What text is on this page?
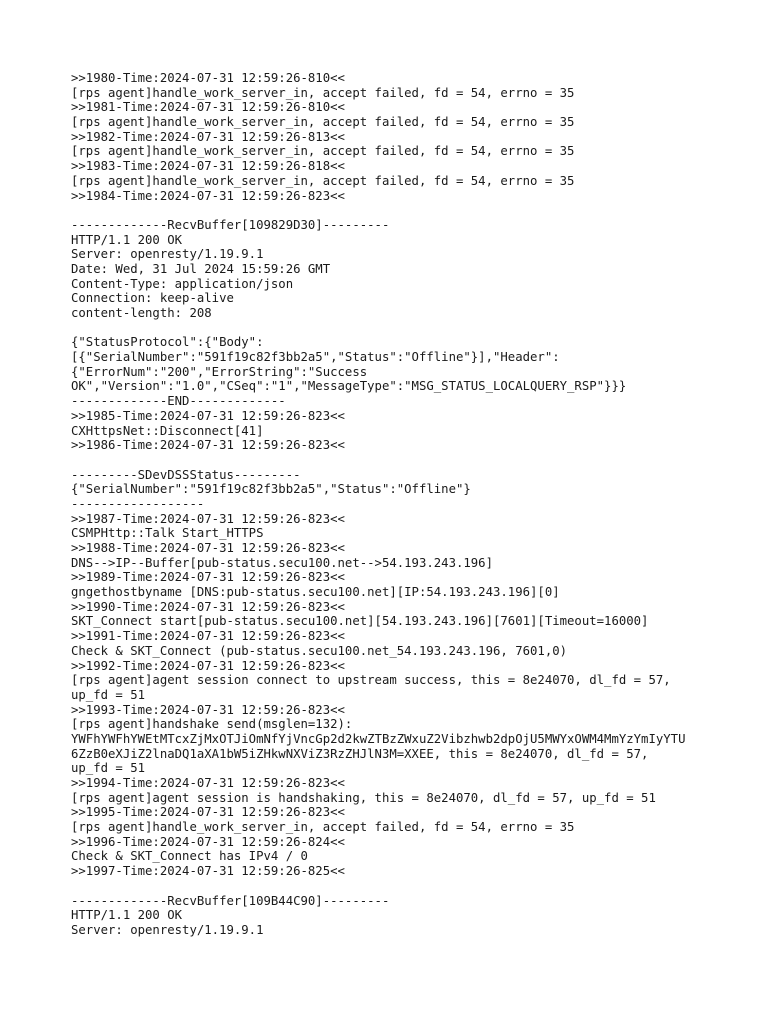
>>1980-Time:2024-07-31 12:59:26-810<<
[rps agent]handle_work_server_in, accept failed, fd = 54, errno = 35
>>1981-Time:2024-07-31 12:59:26-810<<
[rps agent]handle_work_server_in, accept failed, fd = 54, errno = 35
>>1982-Time:2024-07-31 12:59:26-813<<
[rps agent]handle_work_server_in, accept failed, fd = 54, errno = 35
>>1983-Time:2024-07-31 12:59:26-818<<
[rps agent]handle_work_server_in, accept failed, fd = 54, errno = 35
>>1984-Time:2024-07-31 12:59:26-823<<
-------------RecvBuffer[109829D30]---------
HTTP/1.1 200 OK
Server: openresty/1.19.9.1
Date: Wed, 31 Jul 2024 15:59:26 GMT
Content-Type: application/json
Connection: keep-alive
content-length: 208
{"StatusProtocol":{"Body":
[{"SerialNumber":"591f19c82f3bb2a5","Status":"Offline"}],"Header":
{"ErrorNum":"200","ErrorString":"Success
OK","Version":"1.0","CSeq":"1","MessageType":"MSG_STATUS_LOCALQUERY_RSP"}}}
-------------END-------------
>>1985-Time:2024-07-31 12:59:26-823<<
CXHttpsNet::Disconnect[41]
>>1986-Time:2024-07-31 12:59:26-823<<
---------SDevDSSStatus---------
{"SerialNumber":"591f19c82f3bb2a5","Status":"Offline"}
------------------
>>1987-Time:2024-07-31 12:59:26-823<<
CSMPHttp::Talk Start_HTTPS
>>1988-Time:2024-07-31 12:59:26-823<<
DNS-->IP--Buffer[pub-status.secu100.net-->54.193.243.196]
>>1989-Time:2024-07-31 12:59:26-823<<
gngethostbyname [DNS:pub-status.secu100.net][IP:54.193.243.196][0]
>>1990-Time:2024-07-31 12:59:26-823<<
SKT_Connect start[pub-status.secu100.net][54.193.243.196][7601][Timeout=16000]
>>1991-Time:2024-07-31 12:59:26-823<<
Check & SKT_Connect (pub-status.secu100.net_54.193.243.196, 7601,0)
>>1992-Time:2024-07-31 12:59:26-823<<
[rps agent]agent session connect to upstream success, this = 8e24070, dl_fd = 57,
up_fd = 51
>>1993-Time:2024-07-31 12:59:26-823<<
[rps agent]handshake send(msglen=132):
YWFhYWFhYWEtMTcxZjMxOTJiOmNfYjVncGp2d2kwZTBzZWxuZ2Vibzhwb2dpOjU5MWYxOWM4MmYzYmIyYTU
6ZzB0eXJiZ2lnaDQ1aXA1bW5iZHkwNXViZ3RzZHJlN3M=XXEE, this = 8e24070, dl_fd = 57,
up_fd = 51
>>1994-Time:2024-07-31 12:59:26-823<<
[rps agent]agent session is handshaking, this = 8e24070, dl_fd = 57, up_fd = 51
>>1995-Time:2024-07-31 12:59:26-823<<
[rps agent]handle_work_server_in, accept failed, fd = 54, errno = 35
>>1996-Time:2024-07-31 12:59:26-824<<
Check & SKT_Connect has IPv4 / 0
>>1997-Time:2024-07-31 12:59:26-825<<
-------------RecvBuffer[109B44C90]---------
HTTP/1.1 200 OK
Server: openresty/1.19.9.1
